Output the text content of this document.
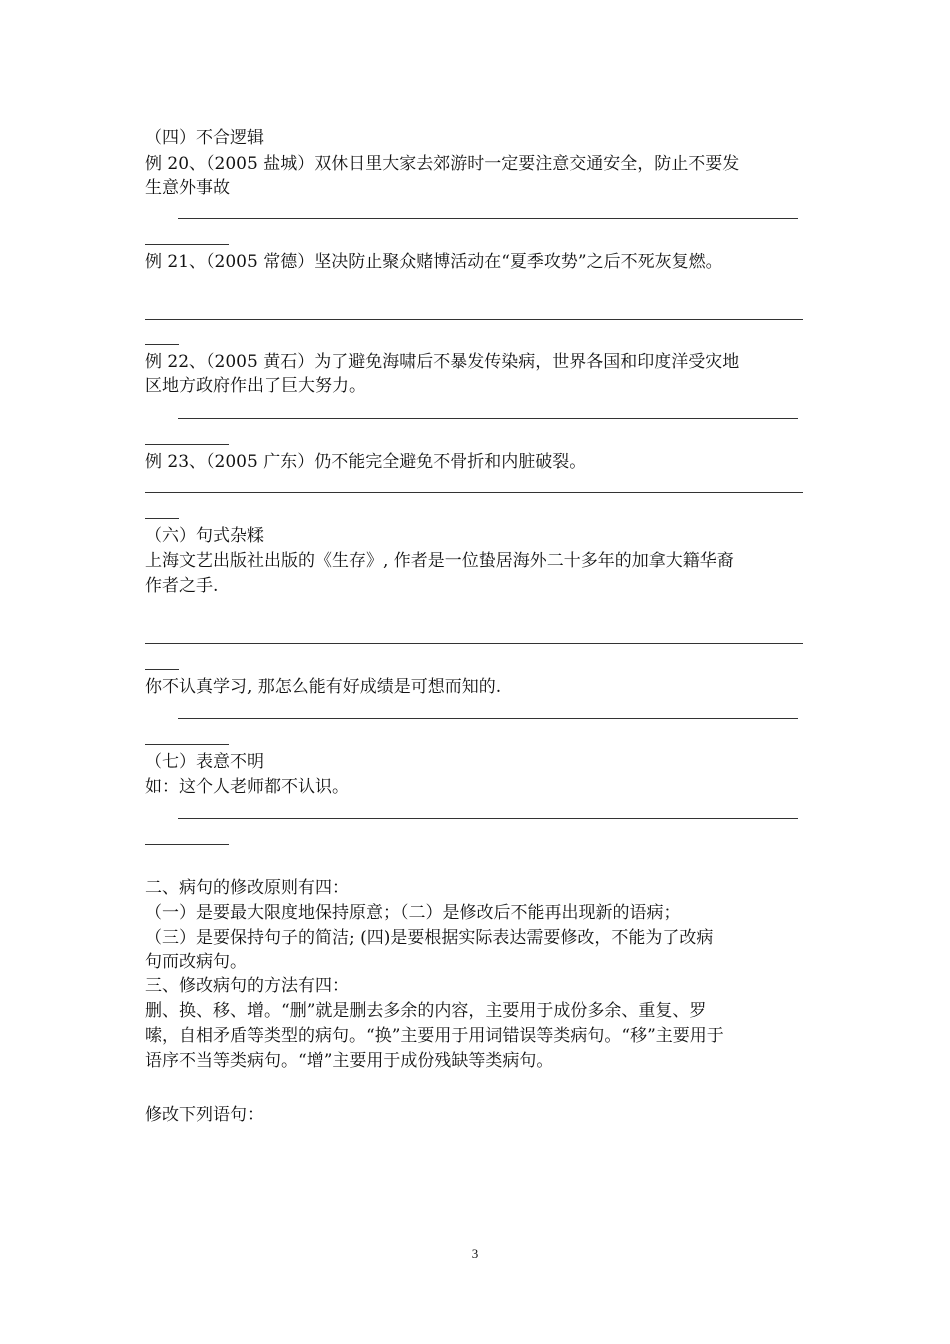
（四）不合逻辑
例 20、（2005 盐城）双休日里大家去郊游时一定要注意交通安全，防止不要发
生意外事故
例 21、（2005 常德）坚决防止聚众赌博活动在“夏季攻势”之后不死灰复燃。
例 22、（2005 黄石）为了避免海啸后不暴发传染病，世界各国和印度洋受灾地
区地方政府作出了巨大努力。
例 23、（2005 广东）仍不能完全避免不骨折和内脏破裂。
（六）句式杂糅
上海文艺出版社出版的《生存》, 作者是一位蛰居海外二十多年的加拿大籍华裔
作者之手.
你不认真学习, 那怎么能有好成绩是可想而知的.
（七）表意不明
如：这个人老师都不认识。
二、病句的修改原则有四：
（一）是要最大限度地保持原意；（二）是修改后不能再出现新的语病；
（三）是要保持句子的简洁; (四)是要根据实际表达需要修改，不能为了改病
句而改病句。
三、修改病句的方法有四：
删、换、移、增。“删”就是删去多余的内容，主要用于成份多余、重复、罗
嗦，自相矛盾等类型的病句。“换”主要用于用词错误等类病句。“移”主要用于
语序不当等类病句。“增”主要用于成份残缺等类病句。
修改下列语句：
3
